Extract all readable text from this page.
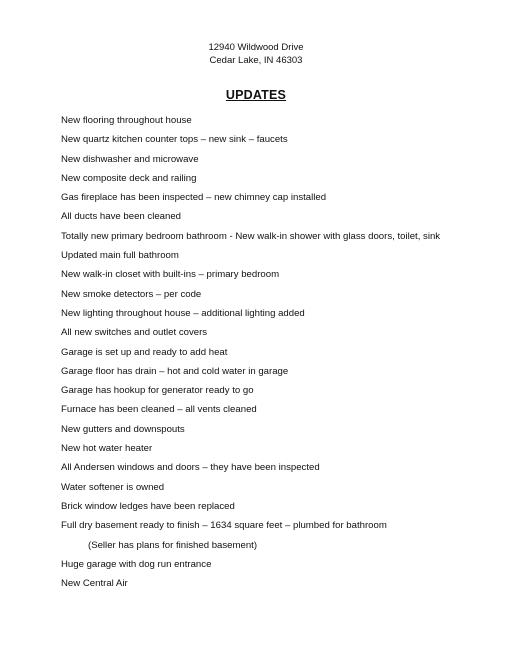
12940 Wildwood Drive
Cedar Lake, IN 46303
UPDATES
New flooring throughout house
New quartz kitchen counter tops – new sink – faucets
New dishwasher and microwave
New composite deck and railing
Gas fireplace has been inspected – new chimney cap installed
All ducts have been cleaned
Totally new primary bedroom bathroom - New walk-in shower with glass doors, toilet, sink
Updated main full bathroom
New walk-in closet with built-ins – primary bedroom
New smoke detectors – per code
New lighting throughout house – additional lighting added
All new switches and outlet covers
Garage is set up and ready to add heat
Garage floor has drain – hot and cold water in garage
Garage has hookup for generator ready to go
Furnace has been cleaned – all vents cleaned
New gutters and downspouts
New hot water heater
All Andersen windows and doors – they have been inspected
Water softener is owned
Brick window ledges have been replaced
Full dry basement ready to finish – 1634 square feet – plumbed for bathroom
(Seller has plans for finished basement)
Huge garage with dog run entrance
New Central Air
